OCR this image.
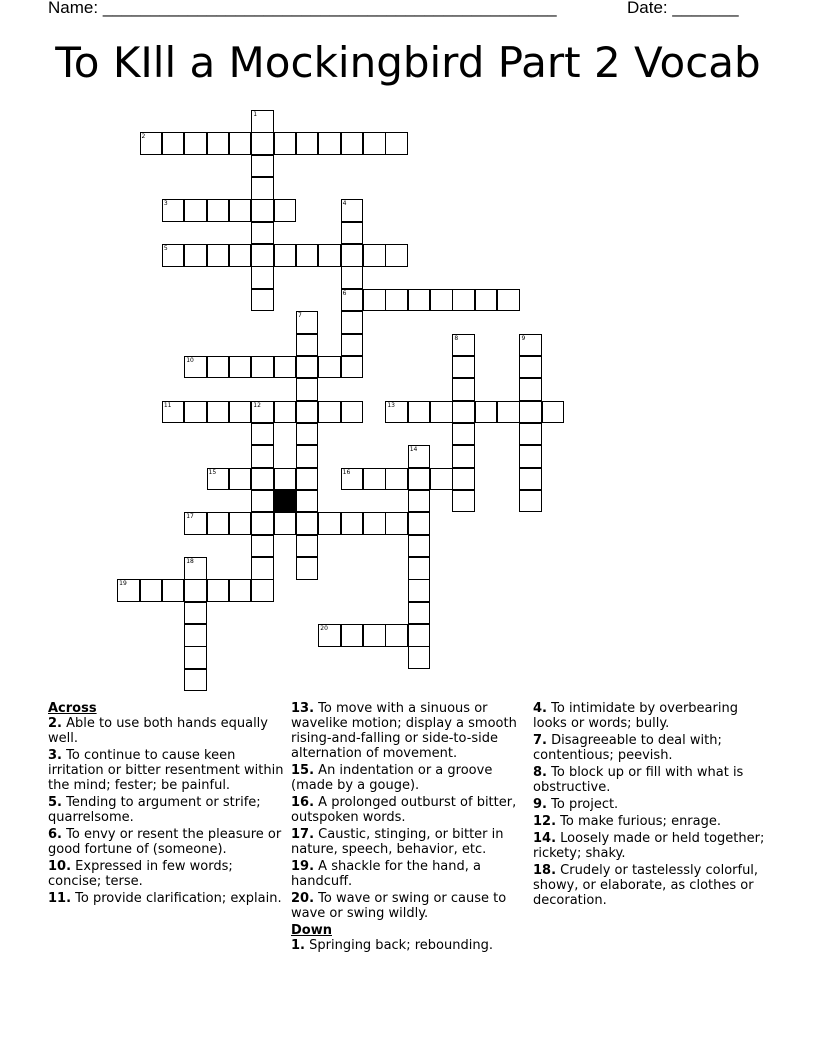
Name: ________________________________________________	Date: _______
To KIll a Mockingbird Part 2 Vocab
1
2
3	4
6
5
7
8	9
10
11	12	13
14
15	16
17
18
19
20
Across
2. Able to use both hands equally well.
3. To continue to cause keen irritation or bitter resentment within the mind; fester; be painful.
5. Tending to argument or strife; quarrelsome.
6. To envy or resent the pleasure or good fortune of (someone).
10. Expressed in few words; concise; terse.
11. To provide clarification; explain.
13. To move with a sinuous or wavelike motion; display a smooth rising-and-falling or side-to-side alternation of movement.
15. An indentation or a groove (made by a gouge).
16. A prolonged outburst of bitter, outspoken words.
17. Caustic, stinging, or bitter in nature, speech, behavior, etc.
19. A shackle for the hand, a handcuff.
20. To wave or swing or cause to wave or swing wildly.
Down
1. Springing back; rebounding.
4. To intimidate by overbearing looks or words; bully.
7. Disagreeable to deal with; contentious; peevish.
8. To block up or fill with what is obstructive.
9. To project.
12. To make furious; enrage.
14. Loosely made or held together; rickety; shaky.
18. Crudely or tastelessly colorful, showy, or elaborate, as clothes or decoration.
